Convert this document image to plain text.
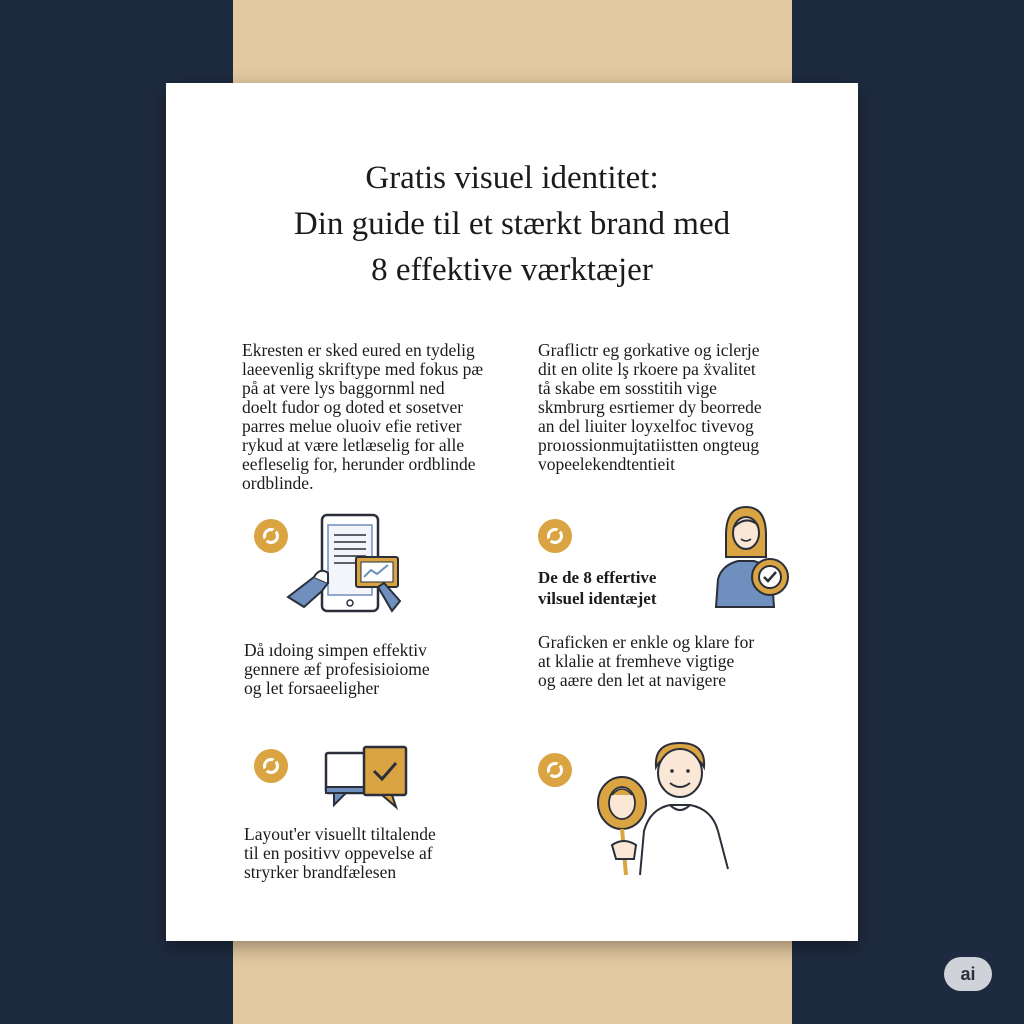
Gratis visuel identitet:
Din guide til et stærkt brand med
8 effektive værktæjer
Ekresten er sked eured en tydelig
laeevenlig skriftype med fokus pæ
på at vere lys baggornml ned
doelt fudor og doted et sosetver
parres melue oluoiv efie retiver
rykud at være letlæselig for alle
eefleselig for, herunder ordblinde
ordblinde.
Graflictr eg gorkative og iclerje
dit en olite lş rkoere pa ẍvalitet
tå skabe em sosstitih vige
skmbrurg esrtiemer dy beorrede
an del liuiter loyxelfoc tivevog
proıossionmujtatiistten ongteug
vopeelekendtentieit
De de 8 effertive
vilsuel identæjet
Då ıdoing simpen effektiv
gennere æf profesisioiome
og let forsaeeligher
Graficken er enkle og klare for
at klalie at fremheve vigtige
og aære den let at navigere
Layout'er visuellt tiltalende
til en positivv oppevelse af
stryrker brandfælesen
ai
